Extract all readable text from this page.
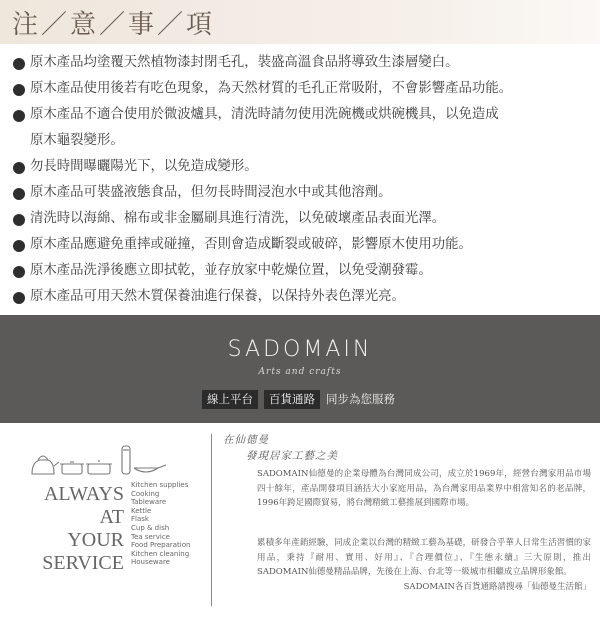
注／意／事／項
原木產品均塗覆天然植物漆封閉毛孔，裝盛高溫食品將導致生漆層變白。
原木產品使用後若有吃色現象，為天然材質的毛孔正常吸附，不會影響產品功能。
原木產品不適合使用於微波爐具，清洗時請勿使用洗碗機或烘碗機具，以免造成
原木龜裂變形。
勿長時間曝曬陽光下，以免造成變形。
原木產品可裝盛液態食品，但勿長時間浸泡水中或其他溶劑。
清洗時以海綿、棉布或非金屬刷具進行清洗，以免破壞產品表面光澤。
原木產品應避免重摔或碰撞，否則會造成斷裂或破碎，影響原木使用功能。
原木產品洗淨後應立即拭乾，並存放家中乾燥位置，以免受潮發霉。
原木產品可用天然木質保養油進行保養，以保持外表色澤光亮。
SADOMAIN
Arts and crafts
線上平台	百貨通路 同步為您服務
ALWAYS AT
YOUR
SERVICE
Kitchen supplies
Cooking
Tableware
Kettle
Flask
Cup & dish
Tea service
Food Preparation
Kitchen cleaning
Houseware
在仙德曼
發現居家工藝之美
SADOMAIN仙德曼的企業母體為台灣同成公司，成立於1969年，經營台灣家用品市場四十餘年，產品開發項目涵括大小家庭用品，為台灣家用品業界中相當知名的老品牌，1996年跨足國際貿易，將台灣精緻工藝推展到國際市場。
累積多年產銷經驗，同成企業以台灣的精緻工藝為基礎，研發合乎華人日常生活習慣的家用品，秉持『耐用、實用、好用』、『合理價位』、『生態永續』三大原則，推出SADOMAIN仙德曼精品品牌，先後在上海、台北等一級城市相繼成立品牌形象館。
SADOMAIN各百貨通路請搜尋「仙德曼生活館」
